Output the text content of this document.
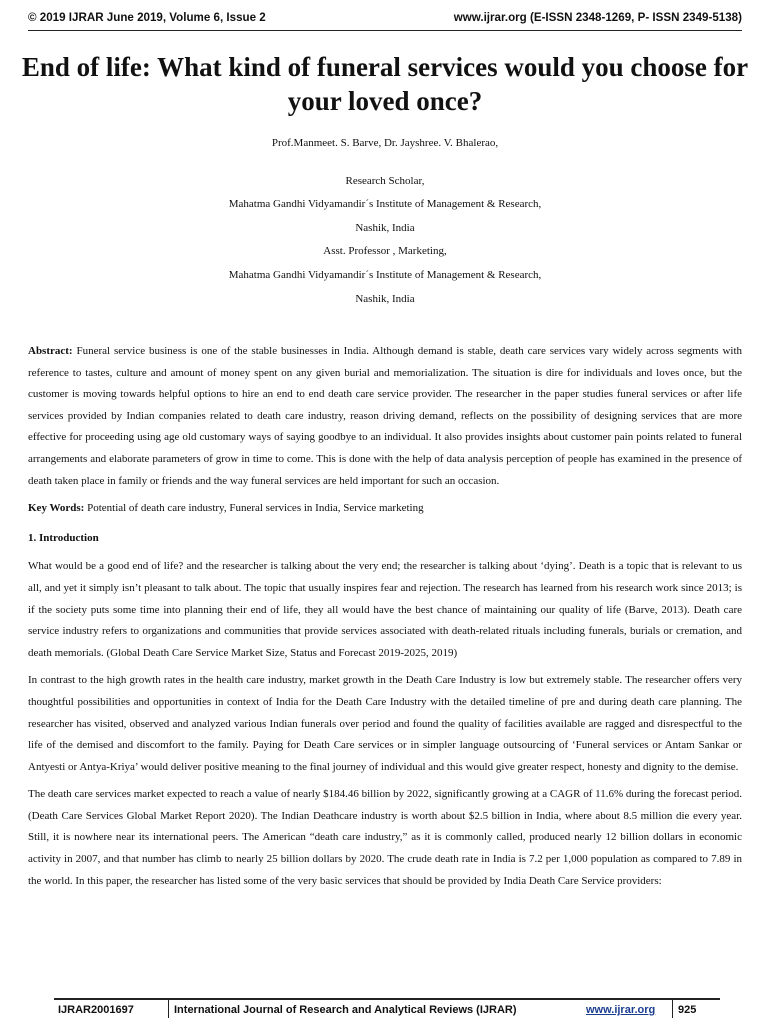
© 2019 IJRAR June 2019, Volume 6, Issue 2	www.ijrar.org (E-ISSN 2348-1269, P- ISSN 2349-5138)
End of life: What kind of funeral services would you choose for your loved once?
Prof.Manmeet. S. Barve, Dr. Jayshree. V. Bhalerao,
Research Scholar,
Mahatma Gandhi Vidyamandir´s Institute of Management & Research,
Nashik, India
Asst. Professor , Marketing,
Mahatma Gandhi Vidyamandir´s Institute of Management & Research,
Nashik, India

Abstract: Funeral service business is one of the stable businesses in India. Although demand is stable, death care services vary widely across segments with reference to tastes, culture and amount of money spent on any given burial and memorialization. The situation is dire for individuals and loves once, but the customer is moving towards helpful options to hire an end to end death care service provider. The researcher in the paper studies funeral services or after life services provided by Indian companies related to death care industry, reason driving demand, reflects on the possibility of designing services that are more effective for proceeding using age old customary ways of saying goodbye to an individual. It also provides insights about customer pain points related to funeral arrangements and elaborate parameters of grow in time to come. This is done with the help of data analysis perception of people has examined in the presence of death taken place in family or friends and the way funeral services are held important for such an occasion.

Key Words: Potential of death care industry, Funeral services in India, Service marketing

1. Introduction

What would be a good end of life? and the researcher is talking about the very end; the researcher is talking about ‘dying’. Death is a topic that is relevant to us all, and yet it simply isn’t pleasant to talk about. The topic that usually inspires fear and rejection. The research has learned from his research work since 2013; is if the society puts some time into planning their end of life, they all would have the best chance of maintaining our quality of life (Barve, 2013). Death care service industry refers to organizations and communities that provide services associated with death-related rituals including funerals, burials or cremation, and death memorials. (Global Death Care Service Market Size, Status and Forecast 2019-2025, 2019)

In contrast to the high growth rates in the health care industry, market growth in the Death Care Industry is low but extremely stable. The researcher offers very thoughtful possibilities and opportunities in context of India for the Death Care Industry with the detailed timeline of pre and during death care planning. The researcher has visited, observed and analyzed various Indian funerals over period and found the quality of facilities available are ragged and disrespectful to the life of the demised and discomfort to the family. Paying for Death Care services or in simpler language outsourcing of ‘Funeral services or Antam Sankar or Antyesti or Antya-Kriya’ would deliver positive meaning to the final journey of individual and this would give greater respect, honesty and dignity to the demise.

The death care services market expected to reach a value of nearly $184.46 billion by 2022, significantly growing at a CAGR of 11.6% during the forecast period. (Death Care Services Global Market Report 2020). The Indian Deathcare industry is worth about $2.5 billion in India, where about 8.5 million die every year. Still, it is nowhere near its international peers. The American “death care industry,” as it is commonly called, produced nearly 12 billion dollars in economic activity in 2007, and that number has climb to nearly 25 billion dollars by 2020. The crude death rate in India is 7.2 per 1,000 population as compared to 7.89 in the world. In this paper, the researcher has listed some of the very basic services that should be provided by India Death Care Service providers:

IJRAR2001697	International Journal of Research and Analytical Reviews (IJRAR)	www.ijrar.org 925
